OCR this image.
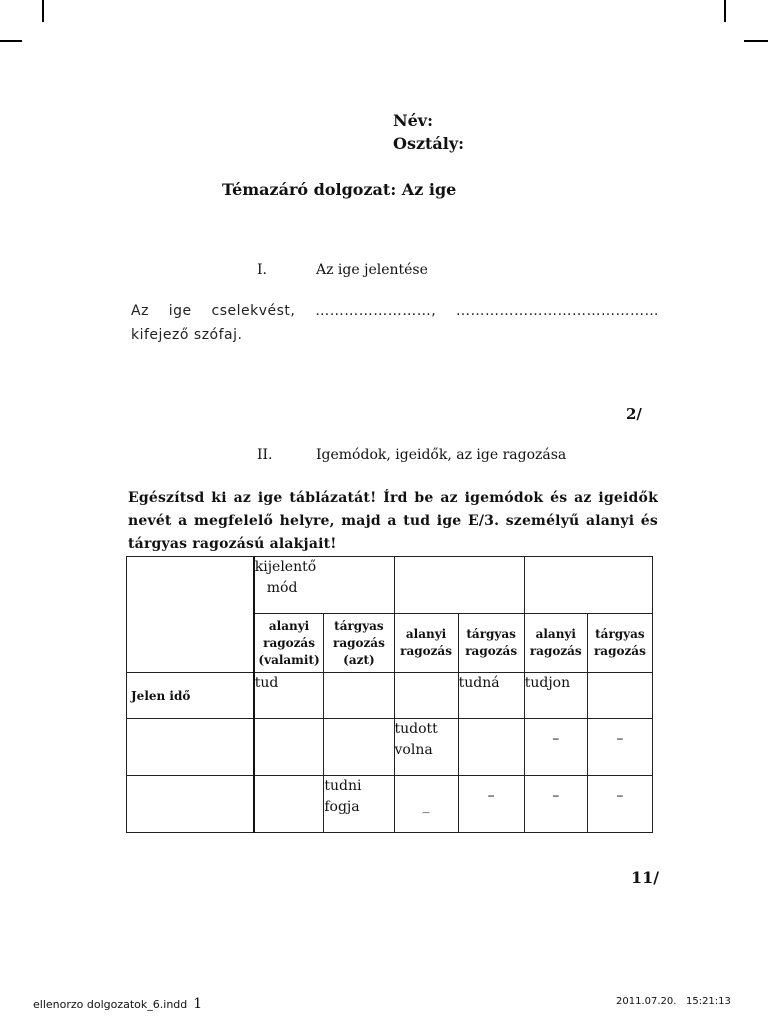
Név:
Osztály:
Témazáró dolgozat: Az ige
I.	Az ige jelentése
Az ige cselekvést, ……………………, …………………………………… kifejező szófaj.
2/
II.	Igemódok, igeidők, az ige ragozása
Egészítsd ki az ige táblázatát! Írd be az igemódok és az igeidők nevét a megfelelő helyre, majd a tud ige E/3. személyű alanyi és tárgyas ragozású alakjait!

	kijelentő
mód					

	alanyi ragozás (valamit)	tárgyas ragozás (azt)	alanyi ragozás	tárgyas ragozás	alanyi ragozás	tárgyas ragozás
Jelen idő	tud			tudná	tudjon	
			tudott volna		–	–
		tudni fogja	_	–	–	–
11/
ellenorzo dolgozatok_6.indd 1	2011.07.20.   15:21:13
